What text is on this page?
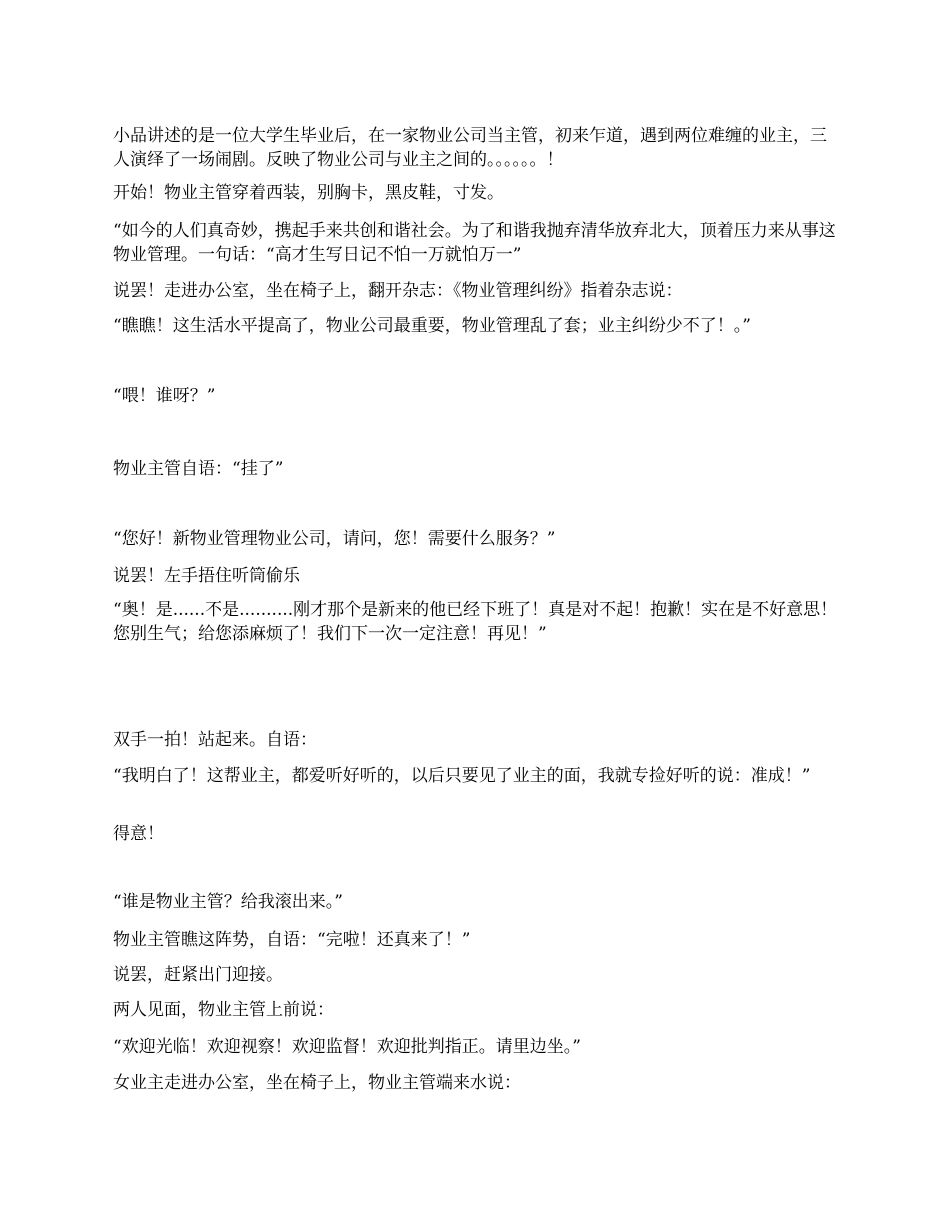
小品讲述的是一位大学生毕业后，在一家物业公司当主管，初来乍道，遇到两位难缠的业主，三人演绎了一场闹剧。反映了物业公司与业主之间的。。。。。。！

开始！物业主管穿着西装，别胸卡，黑皮鞋，寸发。

“如今的人们真奇妙，携起手来共创和谐社会。为了和谐我抛弃清华放弃北大，顶着压力来从事这物业管理。一句话：“高才生写日记不怕一万就怕万一”

说罢！走进办公室，坐在椅子上，翻开杂志：《物业管理纠纷》指着杂志说：

“瞧瞧！这生活水平提高了，物业公司最重要，物业管理乱了套；业主纠纷少不了！。”

“喂！谁呀？”

物业主管自语：“挂了”

“您好！新物业管理物业公司，请问，您！需要什么服务？”

说罢！左手捂住听筒偷乐

“奥！是......不是..........刚才那个是新来的他已经下班了！真是对不起！抱歉！实在是不好意思！您别生气；给您添麻烦了！我们下一次一定注意！再见！”

双手一拍！站起来。自语：

“我明白了！这帮业主，都爱听好听的，以后只要见了业主的面，我就专捡好听的说：准成！”

得意！

“谁是物业主管？给我滚出来。”

物业主管瞧这阵势，自语：“完啦！还真来了！”

说罢，赶紧出门迎接。

两人见面，物业主管上前说：

“欢迎光临！欢迎视察！欢迎监督！欢迎批判指正。请里边坐。”

女业主走进办公室，坐在椅子上，物业主管端来水说：
